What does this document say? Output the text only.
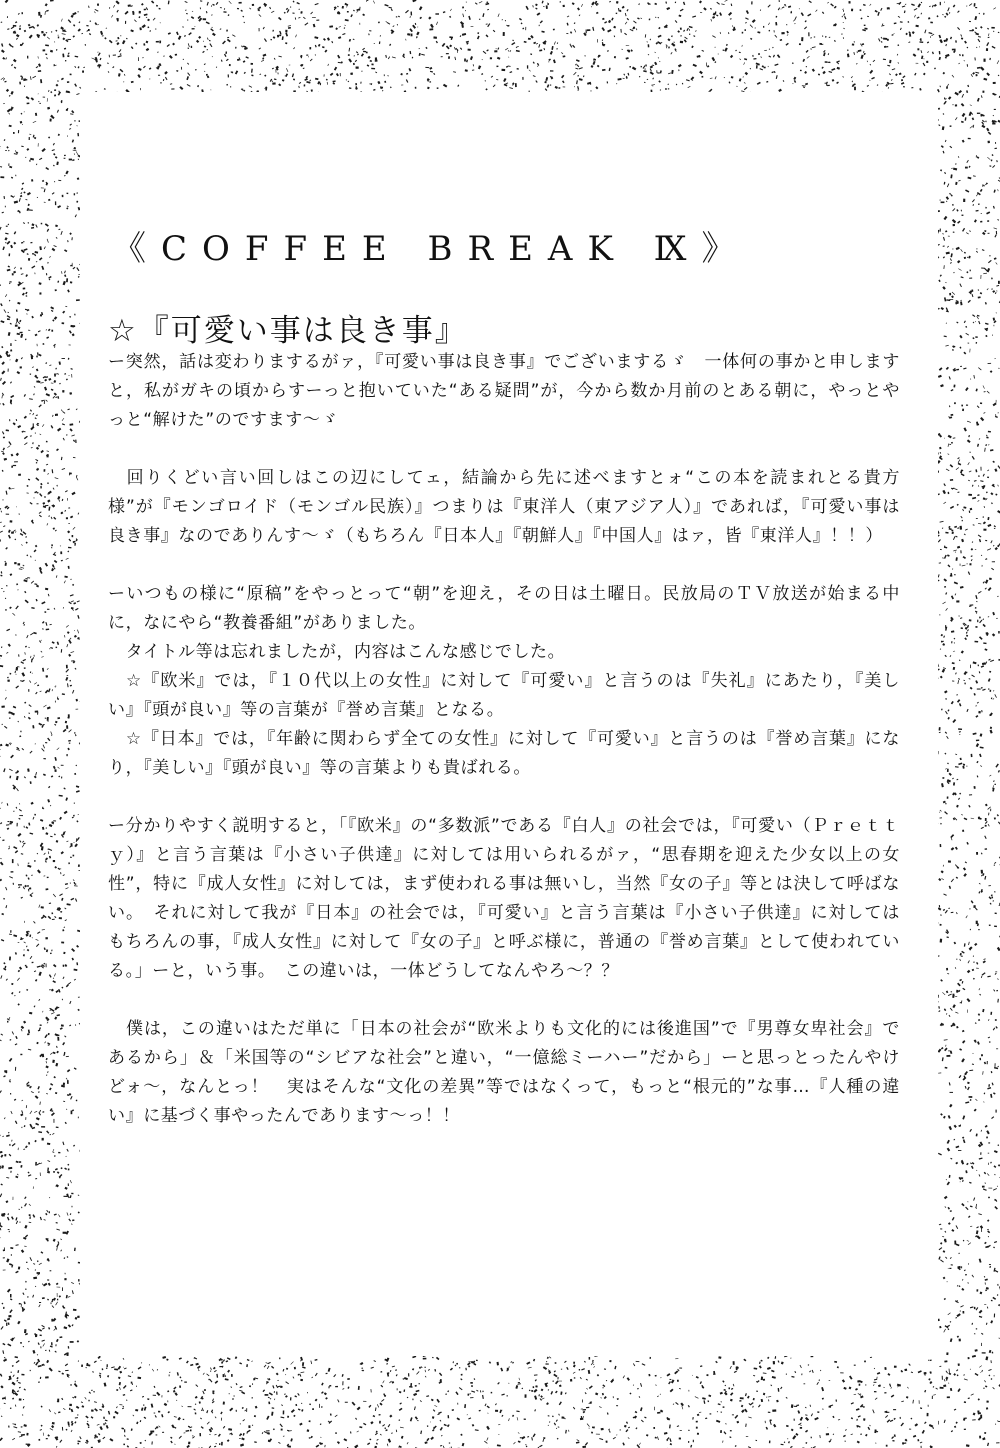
《COFFEE BREAK Ⅸ》
☆『可愛い事は良き事』

ー突然，話は変わりまするがァ，『可愛い事は良き事』でございまするゞ　一体何の事かと申しますと，私がガキの頃からすーっと抱いていた“ある疑問”が，今から数か月前のとある朝に，やっとやっと“解けた”のですます〜ゞ

　回りくどい言い回しはこの辺にしてェ，結論から先に述べますとォ“この本を読まれとる貴方様”が『モンゴロイド（モンゴル民族）』つまりは『東洋人（東アジア人）』であれば，『可愛い事は良き事』なのでありんす〜ゞ（もちろん『日本人』『朝鮮人』『中国人』はァ，皆『東洋人』！！）

ーいつもの様に“原稿”をやっとって“朝”を迎え，その日は土曜日。民放局のＴＶ放送が始まる中に，なにやら“教養番組”がありました。

　タイトル等は忘れましたが，内容はこんな感じでした。

　☆『欧米』では，『１０代以上の女性』に対して『可愛い』と言うのは『失礼』にあたり，『美しい』『頭が良い』等の言葉が『誉め言葉』となる。

　☆『日本』では，『年齢に関わらず全ての女性』に対して『可愛い』と言うのは『誉め言葉』になり，『美しい』『頭が良い』等の言葉よりも貴ばれる。

ー分かりやすく説明すると，「『欧米』の“多数派”である『白人』の社会では，『可愛い（Ｐｒｅｔｔｙ）』と言う言葉は『小さい子供達』に対しては用いられるがァ，“思春期を迎えた少女以上の女性”，特に『成人女性』に対しては，まず使われる事は無いし，当然『女の子』等とは決して呼ばない。　それに対して我が『日本』の社会では，『可愛い』と言う言葉は『小さい子供達』に対してはもちろんの事，『成人女性』に対して『女の子』と呼ぶ様に，普通の『誉め言葉』として使われている。」ーと，いう事。　この違いは，一体どうしてなんやろ〜？？

　僕は，この違いはただ単に「日本の社会が“欧米よりも文化的には後進国”で『男尊女卑社会』であるから」＆「米国等の“シビアな社会”と違い，“一億総ミーハー”だから」ーと思っとったんやけどォ〜，なんとっ！　実はそんな“文化の差異”等ではなくって，もっと“根元的”な事…『人種の違い』に基づく事やったんであります〜っ！！
